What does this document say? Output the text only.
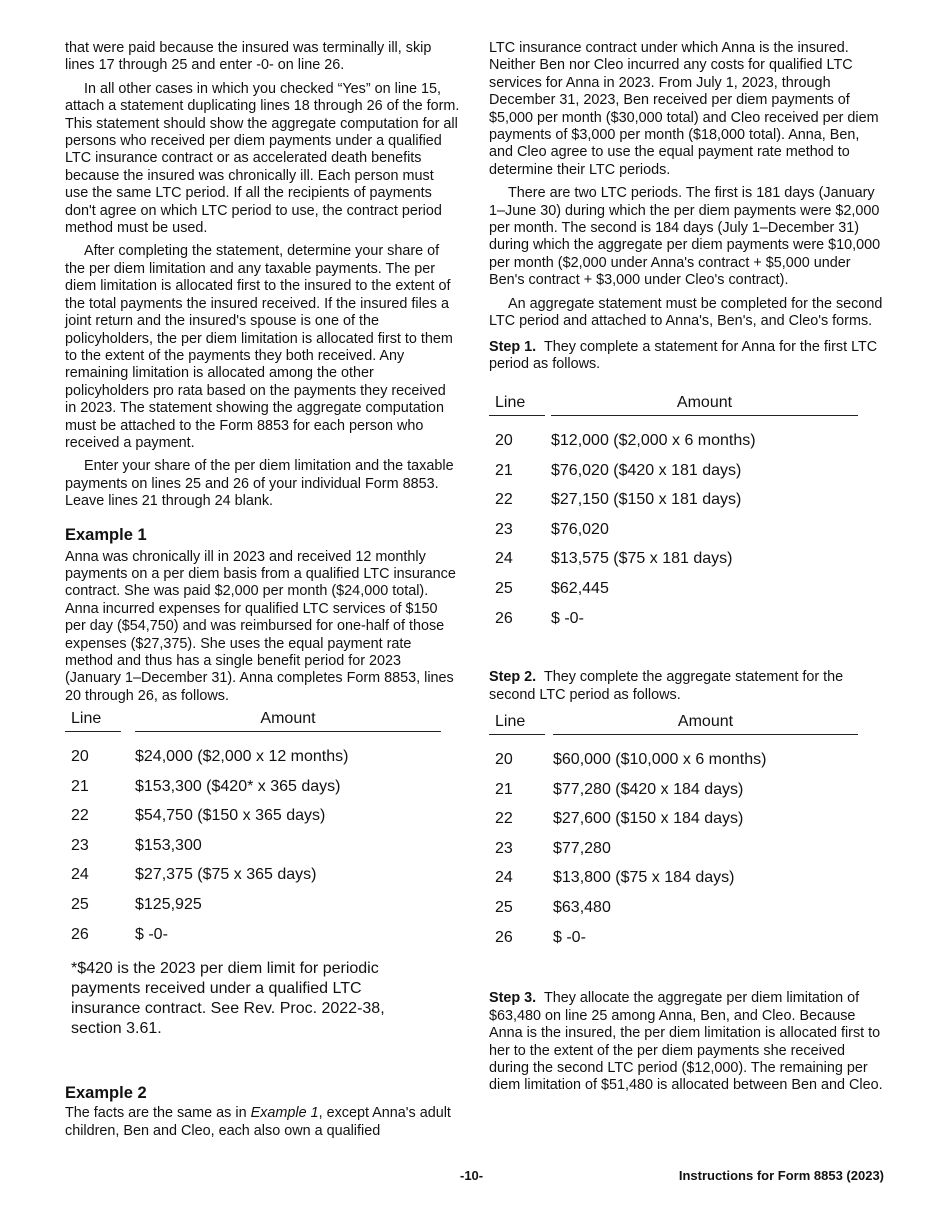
that were paid because the insured was terminally ill, skip lines 17 through 25 and enter -0- on line 26.

In all other cases in which you checked “Yes” on line 15, attach a statement duplicating lines 18 through 26 of the form. This statement should show the aggregate computation for all persons who received per diem payments under a qualified LTC insurance contract or as accelerated death benefits because the insured was chronically ill. Each person must use the same LTC period. If all the recipients of payments don't agree on which LTC period to use, the contract period method must be used.

After completing the statement, determine your share of the per diem limitation and any taxable payments. The per diem limitation is allocated first to the insured to the extent of the total payments the insured received. If the insured files a joint return and the insured's spouse is one of the policyholders, the per diem limitation is allocated first to them to the extent of the payments they both received. Any remaining limitation is allocated among the other policyholders pro rata based on the payments they received in 2023. The statement showing the aggregate computation must be attached to the Form 8853 for each person who received a payment.

Enter your share of the per diem limitation and the taxable payments on lines 25 and 26 of your individual Form 8853. Leave lines 21 through 24 blank.

Example 1

Anna was chronically ill in 2023 and received 12 monthly payments on a per diem basis from a qualified LTC insurance contract. She was paid $2,000 per month ($24,000 total). Anna incurred expenses for qualified LTC services of $150 per day ($54,750) and was reimbursed for one-half of those expenses ($27,375). She uses the equal payment rate method and thus has a single benefit period for 2023 (January 1–December 31). Anna completes Form 8853, lines 20 through 26, as follows.

Line		Amount

20		$24,000 ($2,000 x 12 months)
21		$153,300 ($420* x 365 days)
22		$54,750 ($150 x 365 days)
23		$153,300
24		$27,375 ($75 x 365 days)
25		$125,925
26		$ -0-

*$420 is the 2023 per diem limit for periodic payments received under a qualified LTC insurance contract. See Rev. Proc. 2022-38, section 3.61.

Example 2

The facts are the same as in Example 1, except Anna's adult children, Ben and Cleo, each also own a qualified

LTC insurance contract under which Anna is the insured. Neither Ben nor Cleo incurred any costs for qualified LTC services for Anna in 2023. From July 1, 2023, through December 31, 2023, Ben received per diem payments of $5,000 per month ($30,000 total) and Cleo received per diem payments of $3,000 per month ($18,000 total). Anna, Ben, and Cleo agree to use the equal payment rate method to determine their LTC periods.

There are two LTC periods. The first is 181 days (January 1–June 30) during which the per diem payments were $2,000 per month. The second is 184 days (July 1–December 31) during which the aggregate per diem payments were $10,000 per month ($2,000 under Anna's contract + $5,000 under Ben's contract + $3,000 under Cleo's contract).

An aggregate statement must be completed for the second LTC period and attached to Anna's, Ben's, and Cleo's forms.

Step 1. They complete a statement for Anna for the first LTC period as follows.

Line		Amount

20		$12,000 ($2,000 x 6 months)
21		$76,020 ($420 x 181 days)
22		$27,150 ($150 x 181 days)
23		$76,020
24		$13,575 ($75 x 181 days)
25		$62,445
26		$ -0-

Step 2. They complete the aggregate statement for the second LTC period as follows.

Line		Amount

20		$60,000 ($10,000 x 6 months)
21		$77,280 ($420 x 184 days)
22		$27,600 ($150 x 184 days)
23		$77,280
24		$13,800 ($75 x 184 days)
25		$63,480
26		$ -0-

Step 3. They allocate the aggregate per diem limitation of $63,480 on line 25 among Anna, Ben, and Cleo. Because Anna is the insured, the per diem limitation is allocated first to her to the extent of the per diem payments she received during the second LTC period ($12,000). The remaining per diem limitation of $51,480 is allocated between Ben and Cleo.

-10-	Instructions for Form 8853 (2023)
